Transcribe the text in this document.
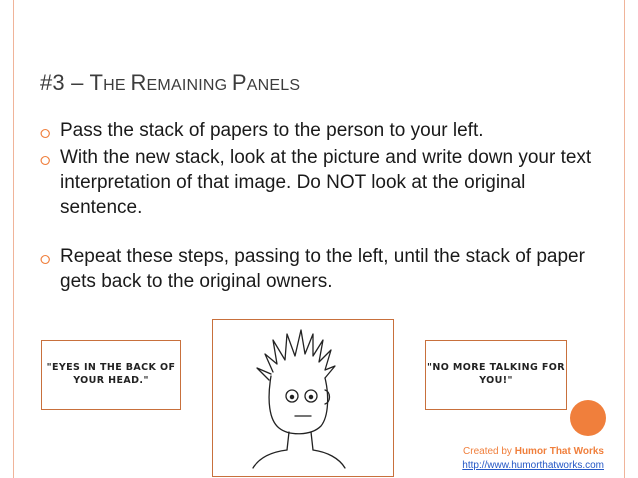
#3 – THE REMAINING PANELS
⭘ Pass the stack of papers to the person to your left.
⭘ With the new stack, look at the picture and write down your text interpretation of that image. Do NOT look at the original sentence.
⭘ Repeat these steps, passing to the left, until the stack of paper gets back to the original owners.
"EYES IN THE BACK OF YOUR HEAD."
"NO MORE TALKING FOR YOU!"
Created by Humor That Works
http://www.humorthatworks.com
